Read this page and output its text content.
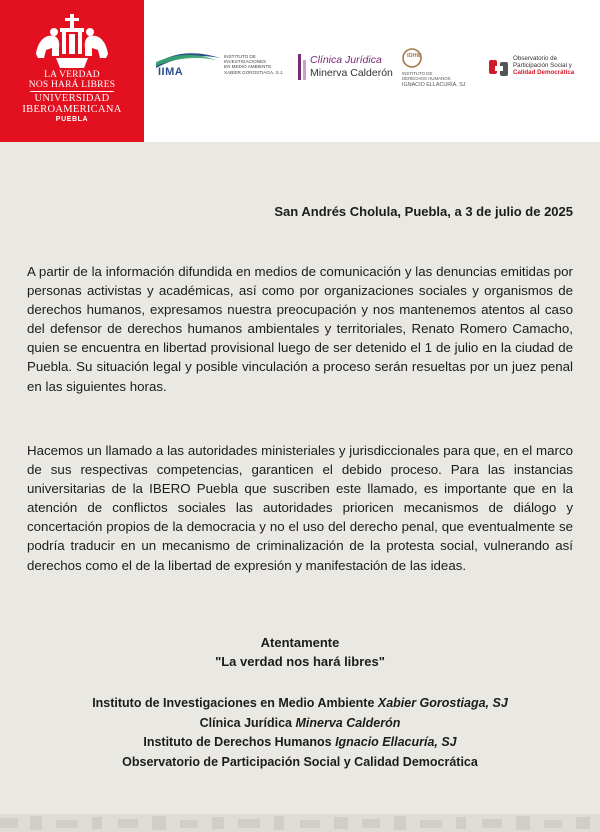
LA VERDAD
NOS HARÁ LIBRES
UNIVERSIDAD
IBEROAMERICANA
PUEBLA
IIMA
INSTITUTO DE
INVESTIGACIONES
EN MEDIO AMBIENTE
XABIER GOROSTIAGA, S.J.
Clínica Jurídica
Minerva Calderón
IDHIE
INSTITUTO DE
DERECHOS HUMANOS
IGNACIO ELLACURÍA, SJ
Observatorio de
Participación Social y
Calidad Democrática
San Andrés Cholula, Puebla, a 3 de julio de 2025

A partir de la información difundida en medios de comunicación y las denuncias emitidas por personas activistas y académicas, así como por organizaciones sociales y organismos de derechos humanos, expresamos nuestra preocupación y nos mantenemos atentos al caso del defensor de derechos humanos ambientales y territoriales, Renato Romero Camacho, quien se encuentra en libertad provisional luego de ser detenido el 1 de julio en la ciudad de Puebla. Su situación legal y posible vinculación a proceso serán resueltas por un juez penal en las siguientes horas.

Hacemos un llamado a las autoridades ministeriales y jurisdiccionales para que, en el marco de sus respectivas competencias, garanticen el debido proceso. Para las instancias universitarias de la IBERO Puebla que suscriben este llamado, es importante que en la atención de conflictos sociales las autoridades prioricen mecanismos de diálogo y concertación propios de la democracia y no el uso del derecho penal, que eventualmente se podría traducir en un mecanismo de criminalización de la protesta social, vulnerando así derechos como el de la libertad de expresión y manifestación de las ideas.

Atentamente
"La verdad nos hará libres"
Instituto de Investigaciones en Medio Ambiente Xabier Gorostiaga, SJ
Clínica Jurídica Minerva Calderón
Instituto de Derechos Humanos Ignacio Ellacuría, SJ
Observatorio de Participación Social y Calidad Democrática
